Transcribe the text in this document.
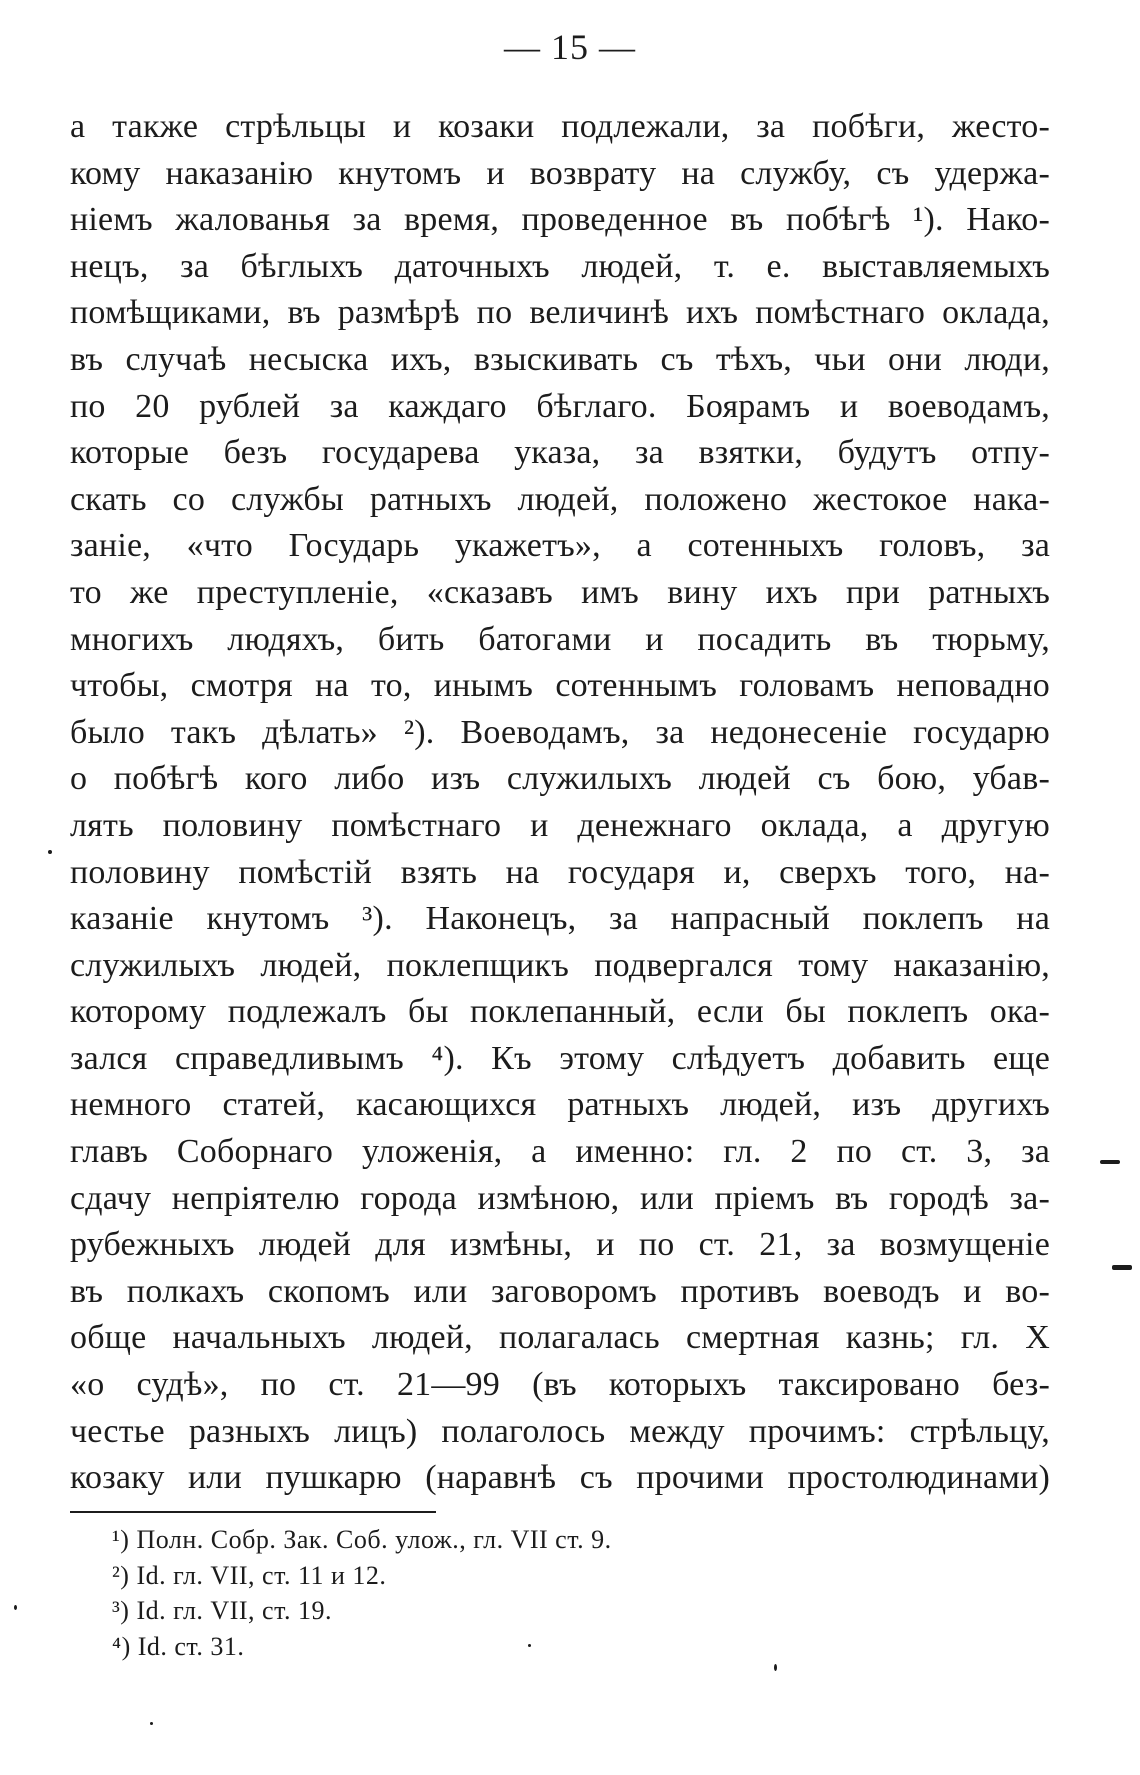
— 15 —
а также стрѣльцы и козаки подлежали, за побѣги, жесто-
кому наказанію кнутомъ и возврату на службу, съ удержа-
ніемъ жалованья за время, проведенное въ побѣгѣ ¹). Нако-
нецъ, за бѣглыхъ даточныхъ людей, т. е. выставляемыхъ
помѣщиками, въ размѣрѣ по величинѣ ихъ помѣстнаго оклада,
въ случаѣ несыска ихъ, взыскивать съ тѣхъ, чьи они люди,
по 20 рублей за каждаго бѣглаго. Боярамъ и воеводамъ,
которые безъ государева указа, за взятки, будутъ отпу-
скать со службы ратныхъ людей, положено жестокое нака-
заніе, «что Государь укажетъ», а сотенныхъ головъ, за
то же преступленіе, «сказавъ имъ вину ихъ при ратныхъ
многихъ людяхъ, бить батогами и посадить въ тюрьму,
чтобы, смотря на то, инымъ сотеннымъ головамъ неповадно
было такъ дѣлать» ²). Воеводамъ, за недонесеніе государю
о побѣгѣ кого либо изъ служилыхъ людей съ бою, убав-
лять половину помѣстнаго и денежнаго оклада, а другую
половину помѣстій взять на государя и, сверхъ того, на-
казаніе кнутомъ ³). Наконецъ, за напрасный поклепъ на
служилыхъ людей, поклепщикъ подвергался тому наказанію,
которому подлежалъ бы поклепанный, если бы поклепъ ока-
зался справедливымъ ⁴). Къ этому слѣдуетъ добавить еще
немного статей, касающихся ратныхъ людей, изъ другихъ
главъ Соборнаго уложенія, а именно: гл. 2 по ст. 3, за
сдачу непріятелю города измѣною, или пріемъ въ городѣ за-
рубежныхъ людей для измѣны, и по ст. 21, за возмущеніе
въ полкахъ скопомъ или заговоромъ противъ воеводъ и во-
обще начальныхъ людей, полагалась смертная казнь; гл. X
«о судѣ», по ст. 21—99 (въ которыхъ таксировано без-
честье разныхъ лицъ) полаголось между прочимъ: стрѣльцу,
козаку или пушкарю (наравнѣ съ прочими простолюдинами)
¹) Полн. Собр. Зак. Соб. улож., гл. VII ст. 9.
²) Id. гл. VII, ст. 11 и 12.
³) Id. гл. VII, ст. 19.
⁴) Id. ст. 31.
